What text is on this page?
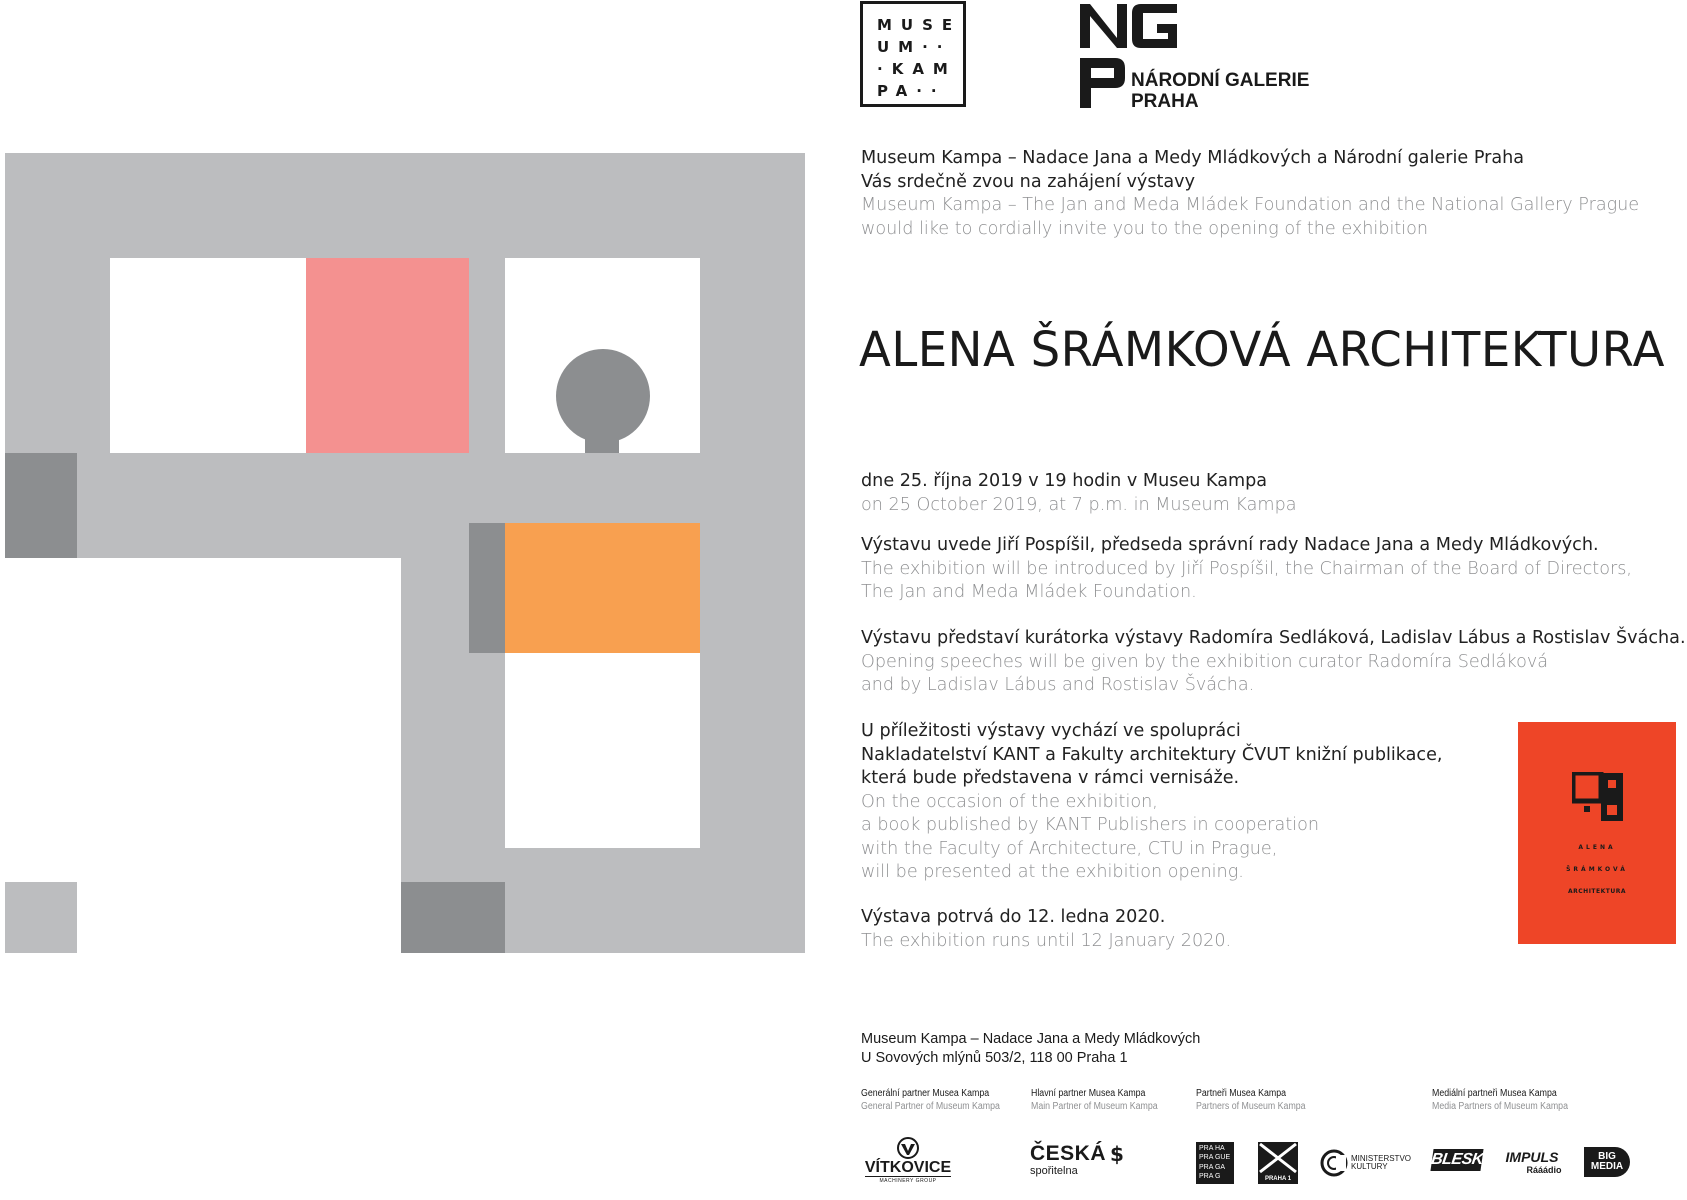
MUSE
UM··
·KAM
PA··	NÁRODNÍ GALERIE
PRAHA
Museum Kampa – Nadace Jana a Medy Mládkových a Národní galerie Praha
Vás srdečně zvou na zahájení výstavy
Museum Kampa – The Jan and Meda Mládek Foundation and the National Gallery Prague
would like to cordially invite you to the opening of the exhibition
ALENA ŠRÁMKOVÁ ARCHITEKTURA
dne 25. října 2019 v 19 hodin v Museu Kampa
on 25 October 2019, at 7 p.m. in Museum Kampa
Výstavu uvede Jiří Pospíšil, předseda správní rady Nadace Jana a Medy Mládkových.
The exhibition will be introduced by Jiří Pospíšil, the Chairman of the Board of Directors,
The Jan and Meda Mládek Foundation.
Výstavu představí kurátorka výstavy Radomíra Sedláková, Ladislav Lábus a Rostislav Švácha.
Opening speeches will be given by the exhibition curator Radomíra Sedláková
and by Ladislav Lábus and Rostislav Švácha.
U příležitosti výstavy vychází ve spolupráci
Nakladatelství KANT a Fakulty architektury ČVUT knižní publikace,
která bude představena v rámci vernisáže.
On the occasion of the exhibition,
a book published by KANT Publishers in cooperation
with the Faculty of Architecture, CTU in Prague,
will be presented at the exhibition opening.
Výstava potrvá do 12. ledna 2020.
The exhibition runs until 12 January 2020.
ALENA
ŠRÁMKOVÁ
ARCHITEKTURA
Museum Kampa – Nadace Jana a Medy Mládkových
U Sovových mlýnů 503/2, 118 00 Praha 1
Generální partner Musea Kampa
General Partner of Museum Kampa
Hlavní partner Musea Kampa
Main Partner of Museum Kampa
Partneři Musea Kampa
Partners of Museum Kampa
Mediální partneři Musea Kampa
Media Partners of Museum Kampa
VÍTKOVICE
MACHINERY GROUP
ČESKÁ $
spořitelna
PRA HA
PRA GUE
PRA GA
PRA G	PRAHA 1
MINISTERSTVO
KULTURY	BLESK IMPULS
Rááádio
BIG
MEDIA
